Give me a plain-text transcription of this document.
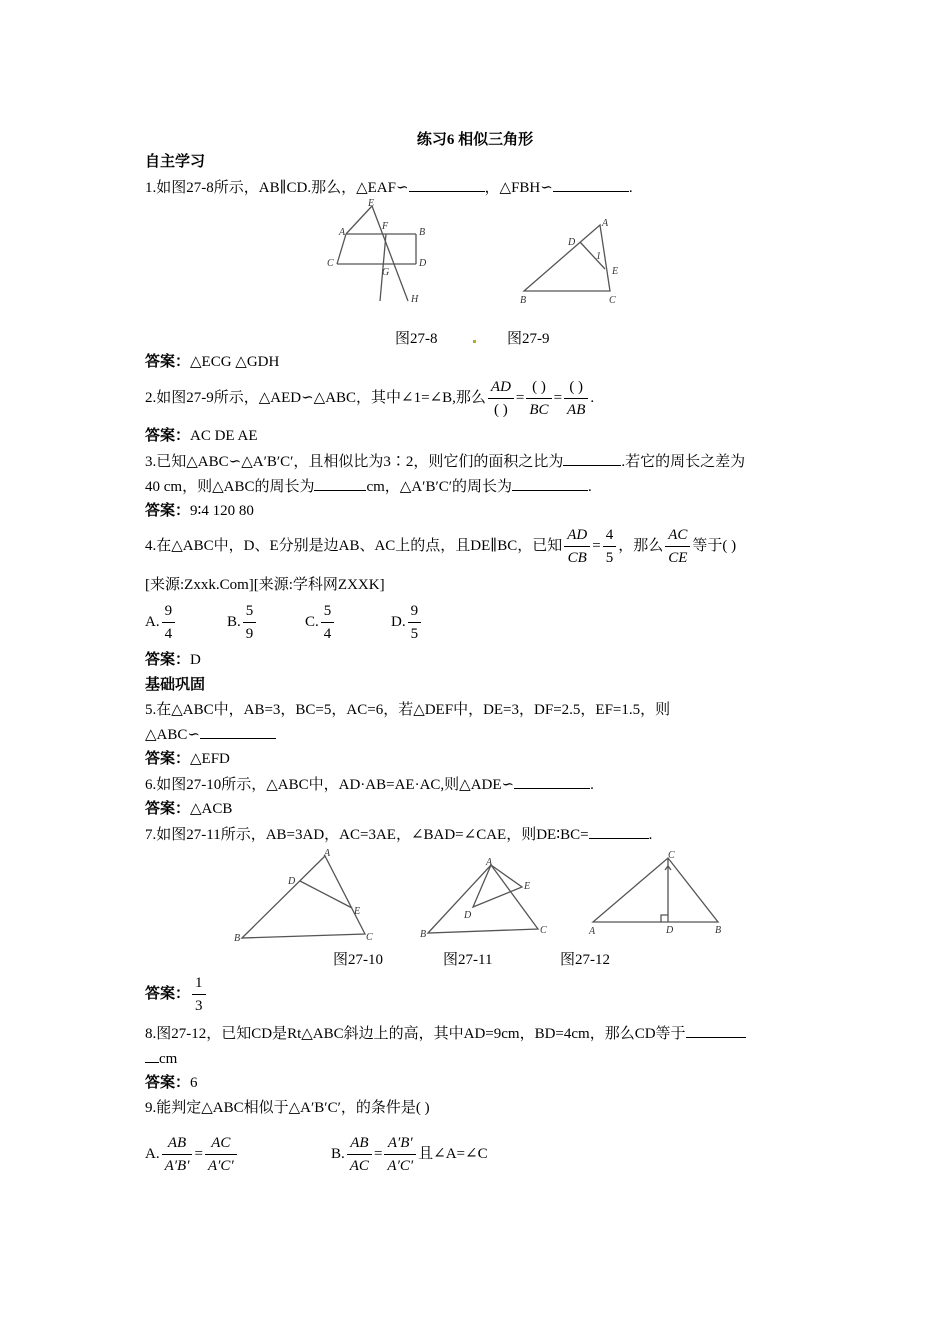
练习6 相似三角形
自主学习
1.如图27-8所示，AB∥CD.那么，△EAF∽	，△FBH∽	.
E
A
F
B
C
G
D
H
A
D
1
E
B	C
图27-8	图27-9
答案：△ECG △GDH
2.如图27-9所示，△AED∽△ABC，其中∠1=∠B,那么 $\frac{AD}{( )} = \frac{( )}{BC} = \frac{( )}{AB}$ .
答案：AC DE AE
3.已知△ABC∽△A′B′C′，且相似比为3∶2，则它们的面积之比为	.若它的周长之差为
40 cm，则△ABC的周长为	cm，△A′B′C′的周长为	.
答案：9∶4 120 80
4.在△ABC中，D、E分别是边AB、AC上的点，且DE∥BC，已知 $\frac{AD}{CB} = \frac{4}{5}$ ，那么 $\frac{AC}{CE}$ 等于( )
[来源:Zxxk.Com][来源:学科网ZXXK]
A. $\frac{9}{4}$	B. $\frac{5}{9}$	C. $\frac{5}{4}$	D. $\frac{9}{5}$
答案：D
基础巩固
5.在△ABC中，AB=3，BC=5，AC=6，若△DEF中，DE=3，DF=2.5，EF=1.5，则
△ABC∽
答案：△EFD
6.如图27-10所示，△ABC中，AD·AB=AE·AC,则△ADE∽	.
答案：△ACB
7.如图27-11所示，AB=3AD，AC=3AE，∠BAD=∠CAE，则DE∶BC=	.
A
D
E
B	C
A
E
D
B	C
C
A	D	B
图27-10	图27-11	图27-12
答案： $\frac{1}{3}$
8.图27-12，已知CD是Rt△ABC斜边上的高，其中AD=9cm，BD=4cm，那么CD等于
cm
答案：6
9.能判定△ABC相似于△A′B′C′，的条件是( )
A. $\frac{AB}{A'B'} = \frac{AC}{A'C'}$	B. $\frac{AB}{AC} = \frac{A'B'}{A'C'}$ 且∠A=∠C
